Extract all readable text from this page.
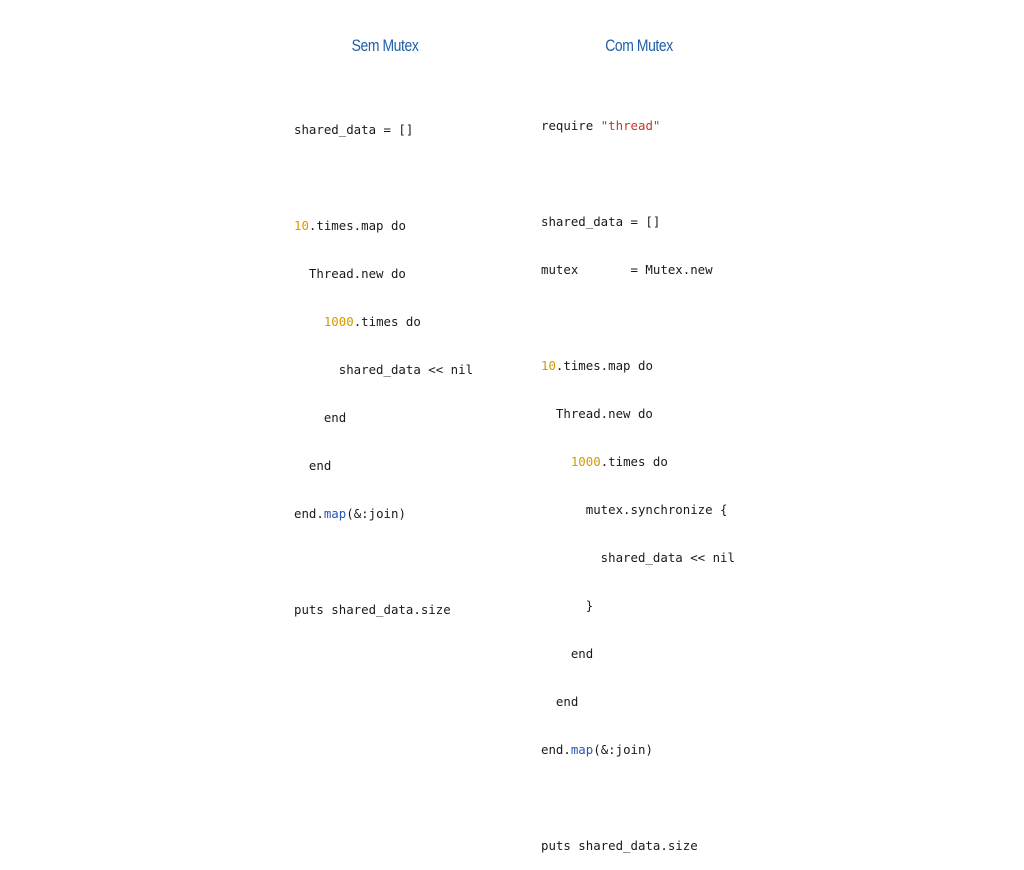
Sem Mutex	Com Mutex

shared_data = []

10.times.map do

Thread.new do

1000.times do

shared_data << nil

end

end

end.map(&:join)

puts shared_data.size

require "thread"

shared_data = []

mutex       = Mutex.new

10.times.map do

Thread.new do

1000.times do

mutex.synchronize {

shared_data << nil

}

end

end

end.map(&:join)

puts shared_data.size
